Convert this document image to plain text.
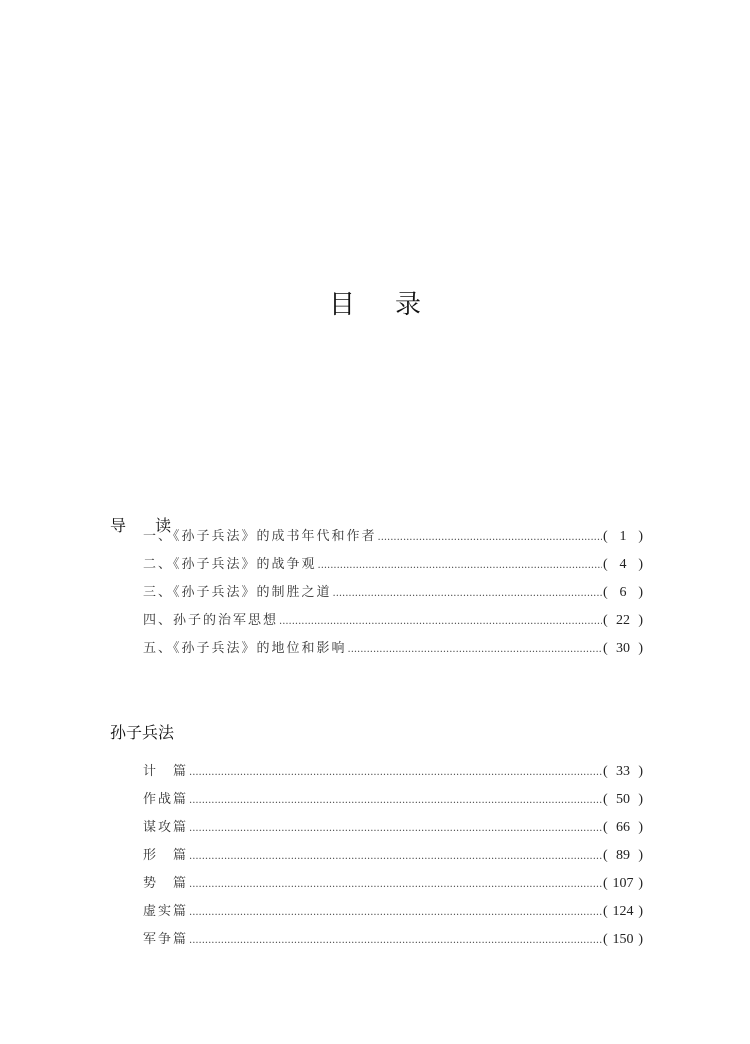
目 录
导 读
一、《孙子兵法》的成书年代和作者 .....	( 1 )
二、《孙子兵法》的战争观 .....	( 4 )
三、《孙子兵法》的制胜之道 .....	( 6 )
四、孙子的治军思想 .....	( 22 )
五、《孙子兵法》的地位和影响 .....	( 30 )
孙子兵法
计　篇 .....	( 33 )
作战篇 .....	( 50 )
谋攻篇 .....	( 66 )
形　篇 .....	( 89 )
势　篇 .....	( 107 )
虚实篇 .....	( 124 )
军争篇 .....	( 150 )
